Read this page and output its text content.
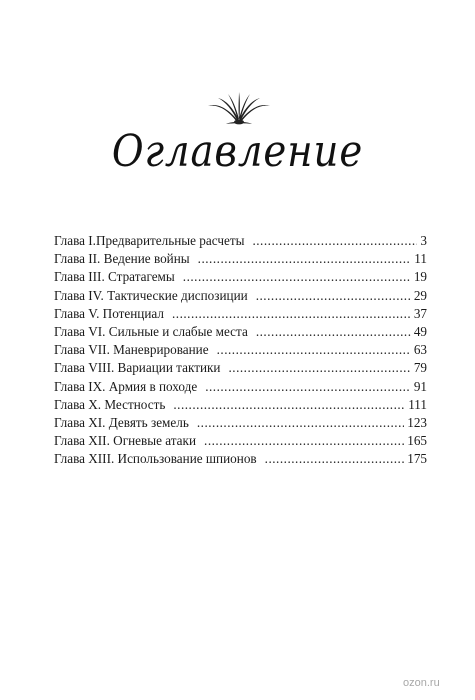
Оглавление
Глава I.Предварительные расчеты .....	3
Глава II. Ведение войны .....	11
Глава III. Стратагемы .....	19
Глава IV. Тактические диспозиции .....	29
Глава V. Потенциал .....	37
Глава VI. Сильные и слабые места .....	49
Глава VII. Маневрирование .....	63
Глава VIII. Вариации тактики .....	79
Глава IX. Армия в походе .....	91
Глава X. Местность .....	111
Глава XI. Девять земель .....	123
Глава XII. Огневые атаки .....	165
Глава XIII. Использование шпионов .....	175
ozon.ru
